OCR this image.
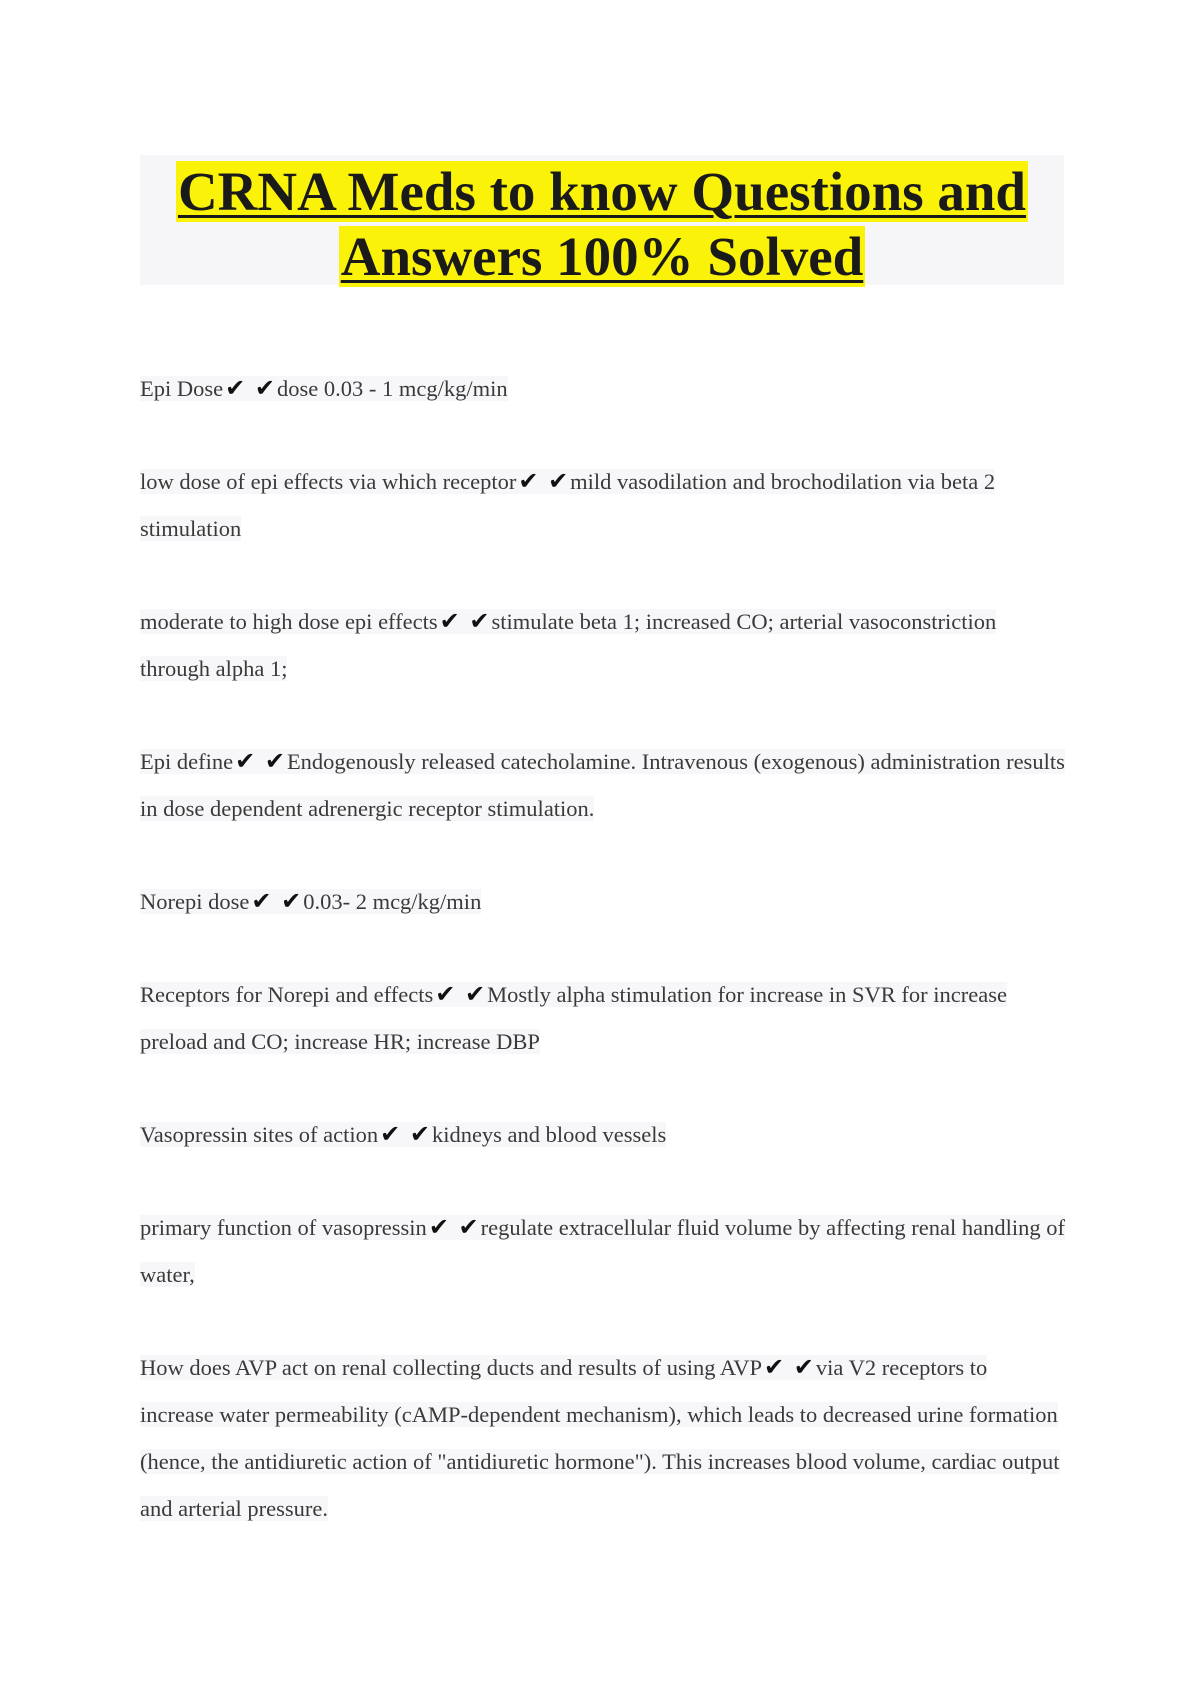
CRNA Meds to know Questions and
Answers 100% Solved

Epi Dose✔ ✔dose 0.03 - 1 mcg/kg/min

low dose of epi effects via which receptor✔ ✔mild vasodilation and brochodilation via beta 2 stimulation

moderate to high dose epi effects✔ ✔stimulate beta 1; increased CO; arterial vasoconstriction through alpha 1;

Epi define✔ ✔Endogenously released catecholamine. Intravenous (exogenous) administration results in dose dependent adrenergic receptor stimulation.

Norepi dose✔ ✔0.03- 2 mcg/kg/min

Receptors for Norepi and effects✔ ✔Mostly alpha stimulation for increase in SVR for increase preload and CO; increase HR; increase DBP

Vasopressin sites of action✔ ✔kidneys and blood vessels

primary function of vasopressin✔ ✔regulate extracellular fluid volume by affecting renal handling of water,

How does AVP act on renal collecting ducts and results of using AVP✔ ✔via V2 receptors to increase water permeability (cAMP-dependent mechanism), which leads to decreased urine formation (hence, the antidiuretic action of "antidiuretic hormone"). This increases blood volume, cardiac output and arterial pressure.
